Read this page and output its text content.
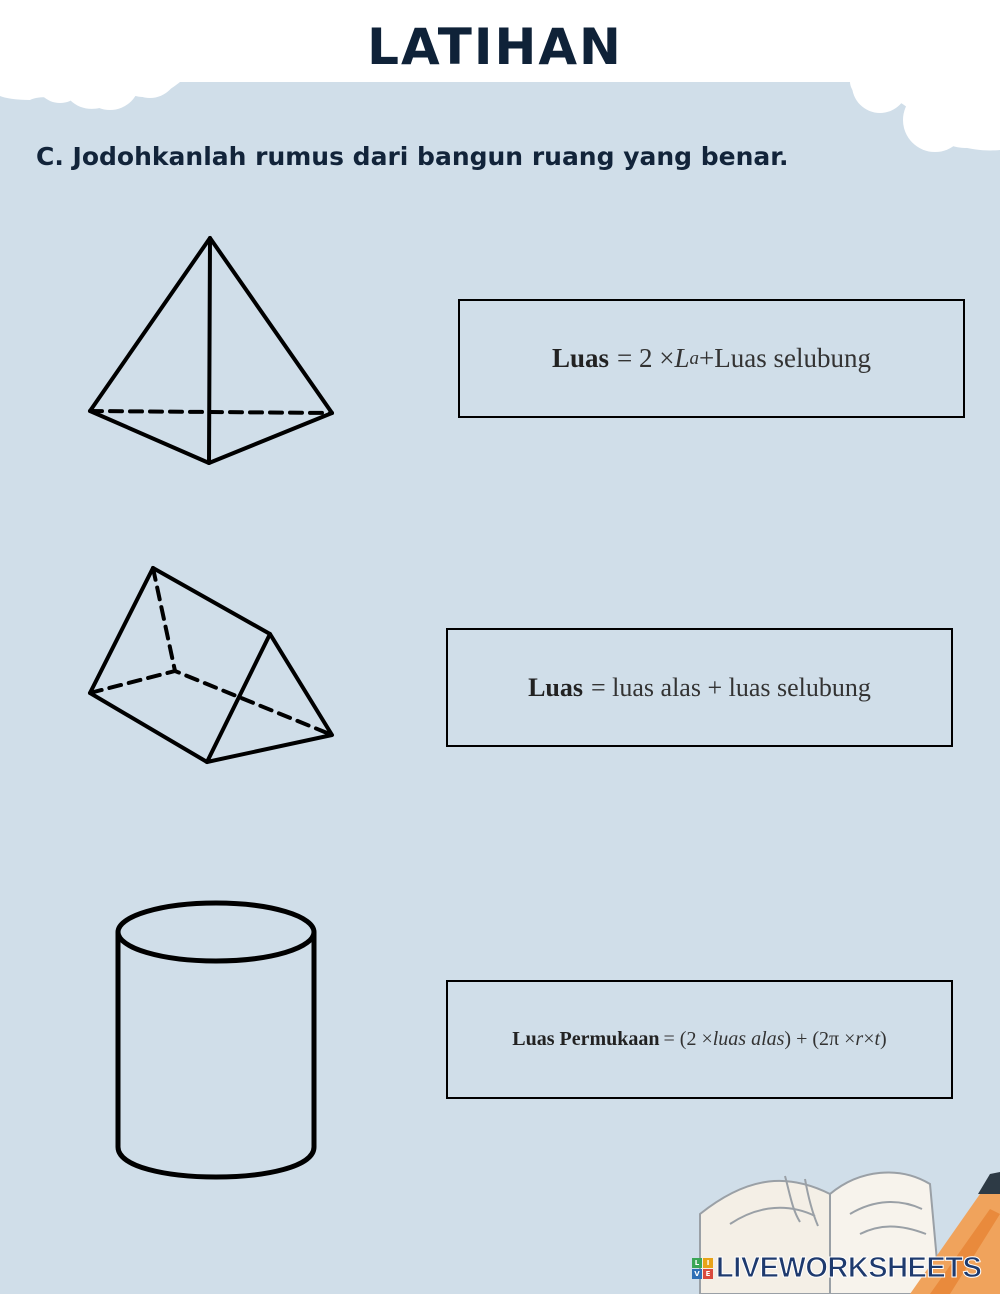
LATIHAN
C. Jodohkanlah rumus dari bangun ruang yang benar.
Luas = 2 × L a +Luas selubung
Luas = luas alas + luas selubung
Luas Permukaan = (2 × luas alas ) + (2π × r × t )
L	I
V E LIVEWORKSHEETS
